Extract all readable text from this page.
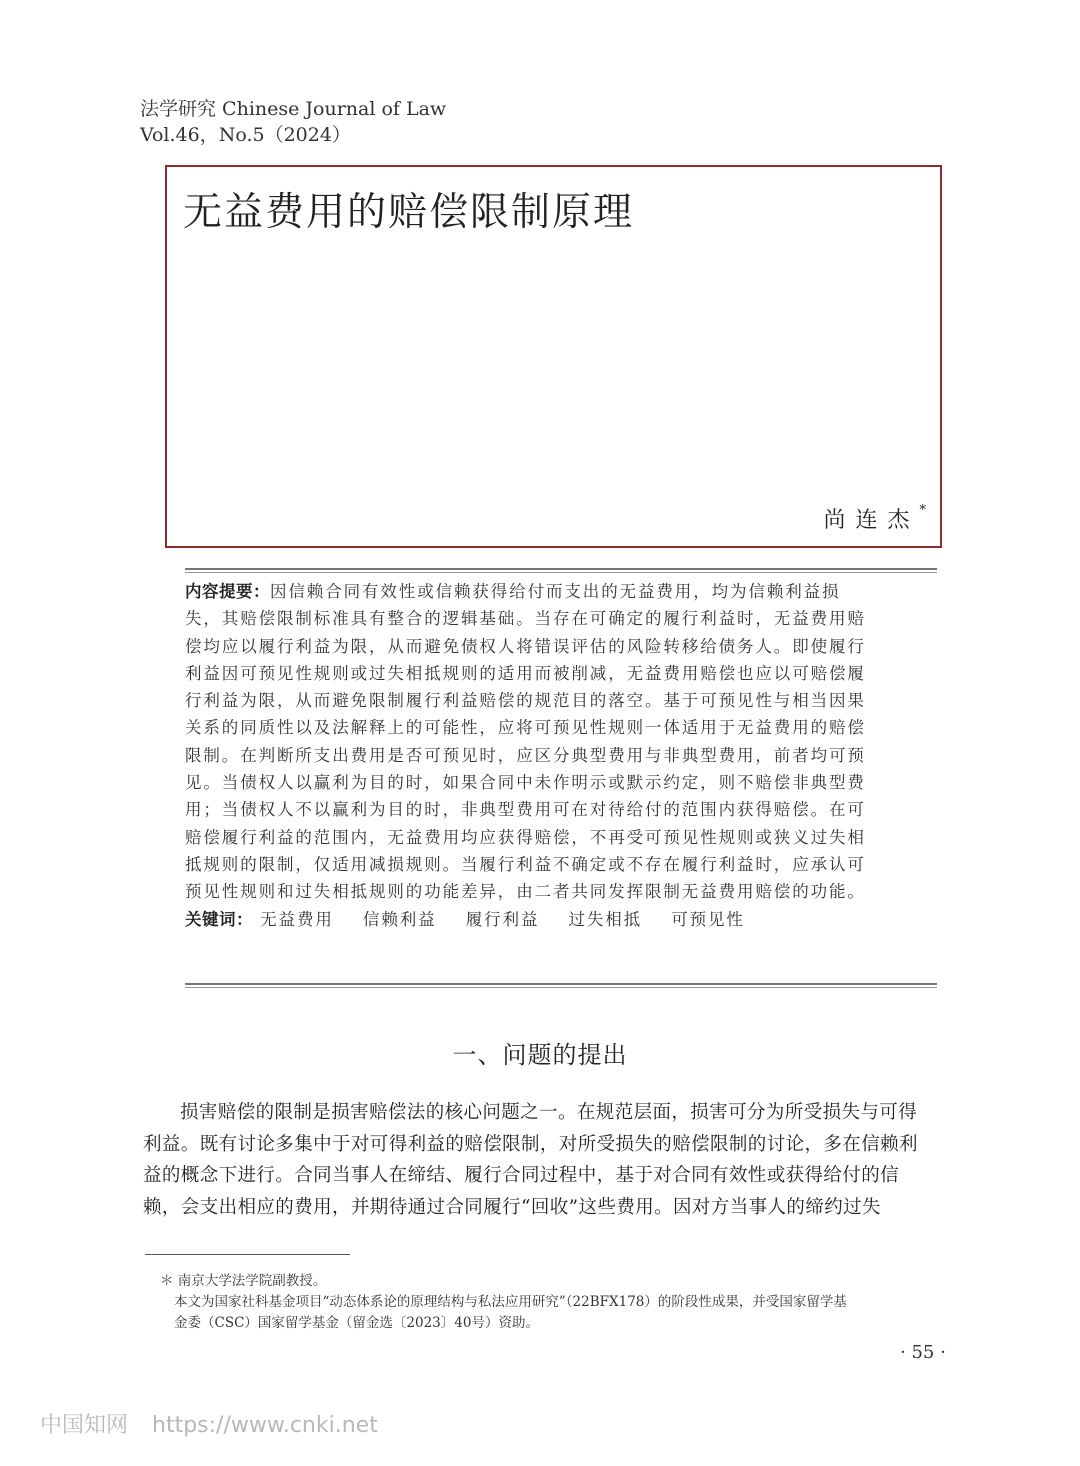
法学研究 Chinese Journal of Law
Vol.46，No.5（2024）
无益费用的赔偿限制原理
尚连杰*
内容提要：因信赖合同有效性或信赖获得给付而支出的无益费用，均为信赖利益损
失，其赔偿限制标准具有整合的逻辑基础。当存在可确定的履行利益时，无益费用赔
偿均应以履行利益为限，从而避免债权人将错误评估的风险转移给债务人。即使履行
利益因可预见性规则或过失相抵规则的适用而被削减，无益费用赔偿也应以可赔偿履
行利益为限，从而避免限制履行利益赔偿的规范目的落空。基于可预见性与相当因果
关系的同质性以及法解释上的可能性，应将可预见性规则一体适用于无益费用的赔偿
限制。在判断所支出费用是否可预见时，应区分典型费用与非典型费用，前者均可预
见。当债权人以赢利为目的时，如果合同中未作明示或默示约定，则不赔偿非典型费
用；当债权人不以赢利为目的时，非典型费用可在对待给付的范围内获得赔偿。在可
赔偿履行利益的范围内，无益费用均应获得赔偿，不再受可预见性规则或狭义过失相
抵规则的限制，仅适用减损规则。当履行利益不确定或不存在履行利益时，应承认可
预见性规则和过失相抵规则的功能差异，由二者共同发挥限制无益费用赔偿的功能。
关键词： 无益费用 信赖利益 履行利益 过失相抵 可预见性
一、问题的提出
损害赔偿的限制是损害赔偿法的核心问题之一。在规范层面，损害可分为所受损失与可得
利益。既有讨论多集中于对可得利益的赔偿限制，对所受损失的赔偿限制的讨论，多在信赖利
益的概念下进行。合同当事人在缔结、履行合同过程中，基于对合同有效性或获得给付的信
赖，会支出相应的费用，并期待通过合同履行“回收”这些费用。因对方当事人的缔约过失
＊ 南京大学法学院副教授。
本文为国家社科基金项目“动态体系论的原理结构与私法应用研究”（22BFX178）的阶段性成果，并受国家留学基
金委（CSC）国家留学基金（留金选〔2023〕40号）资助。
· 55 ·
中国知网 https://www.cnki.net
